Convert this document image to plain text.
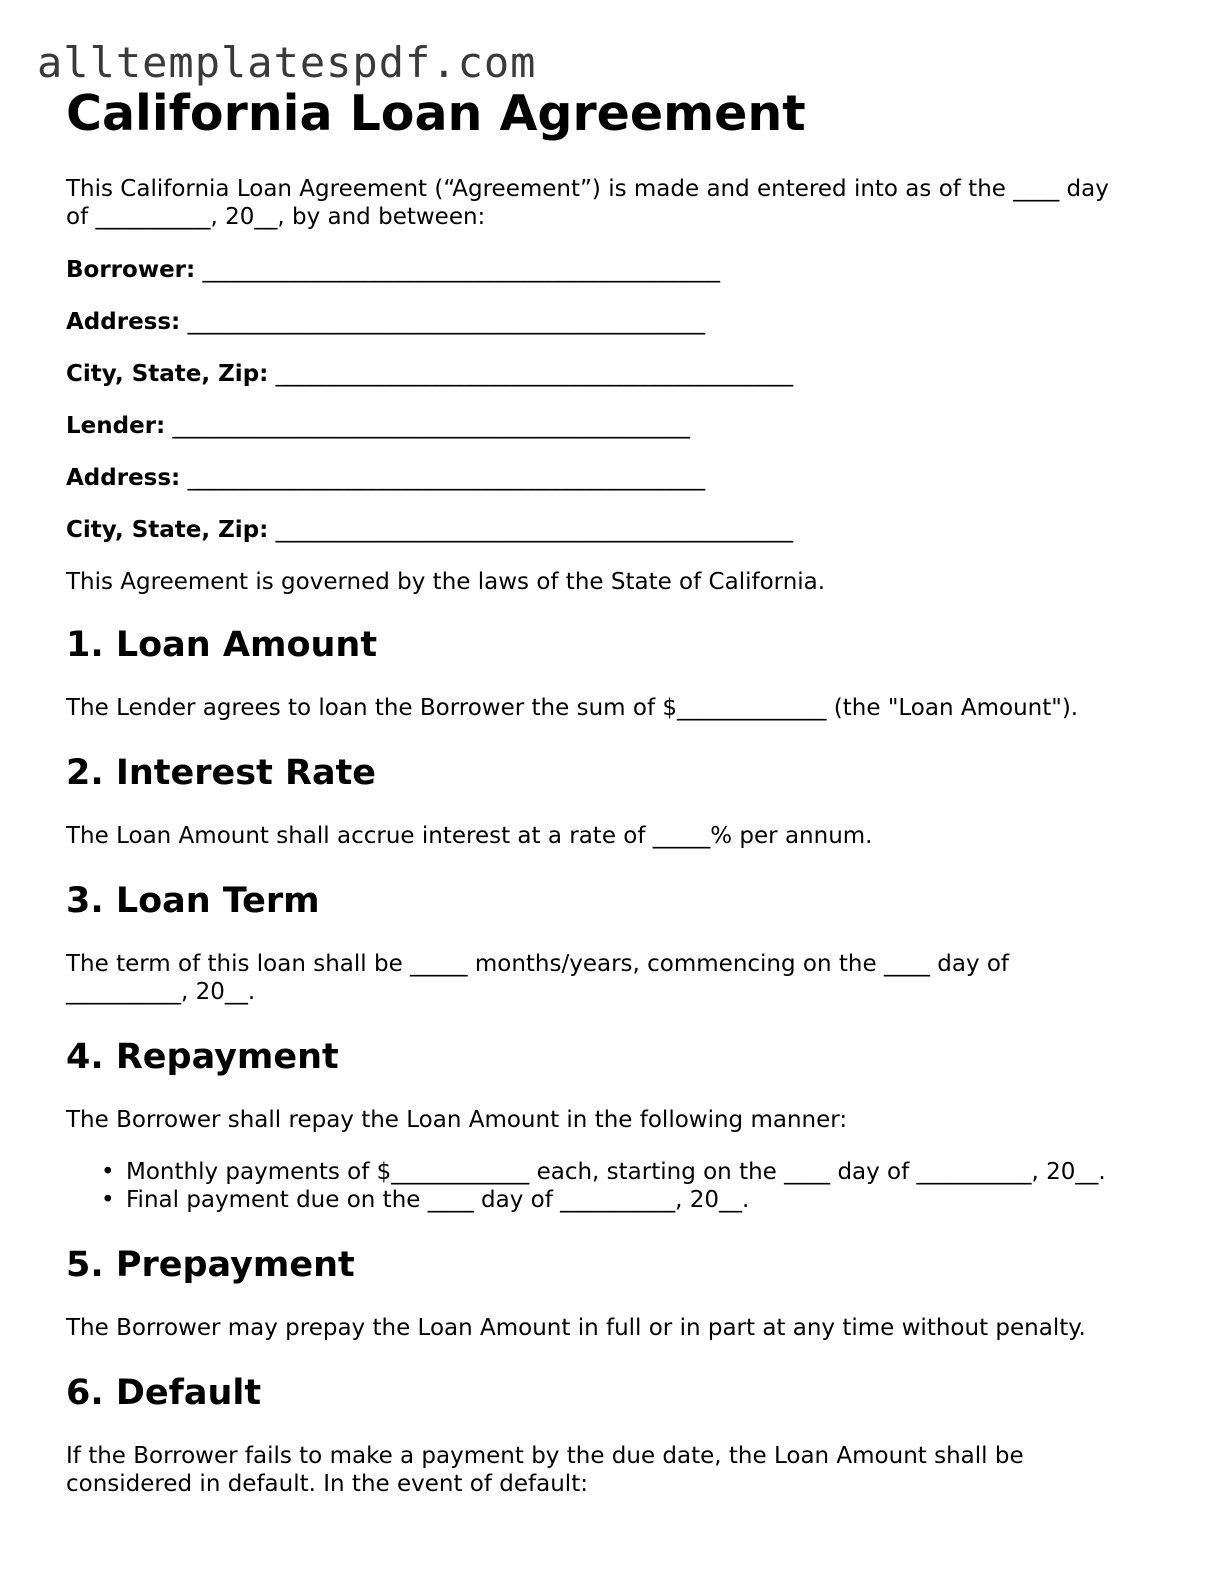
alltemplatespdf.com
California Loan Agreement
This California Loan Agreement (“Agreement”) is made and entered into as of the ____ day
of __________, 20__, by and between:
Borrower: _____________________________________________
Address: _____________________________________________
City, State, Zip: _____________________________________________
Lender: _____________________________________________
Address: _____________________________________________
City, State, Zip: _____________________________________________

This Agreement is governed by the laws of the State of California.

1. Loan Amount

The Lender agrees to loan the Borrower the sum of $_____________ (the "Loan Amount").

2. Interest Rate

The Loan Amount shall accrue interest at a rate of _____% per annum.

3. Loan Term
The term of this loan shall be _____ months/years, commencing on the ____ day of
__________, 20__.
4. Repayment

The Borrower shall repay the Loan Amount in the following manner:

• Monthly payments of $____________ each, starting on the ____ day of __________, 20__.
• Final payment due on the ____ day of __________, 20__.
5. Prepayment

The Borrower may prepay the Loan Amount in full or in part at any time without penalty.

6. Default
If the Borrower fails to make a payment by the due date, the Loan Amount shall be
considered in default. In the event of default:
